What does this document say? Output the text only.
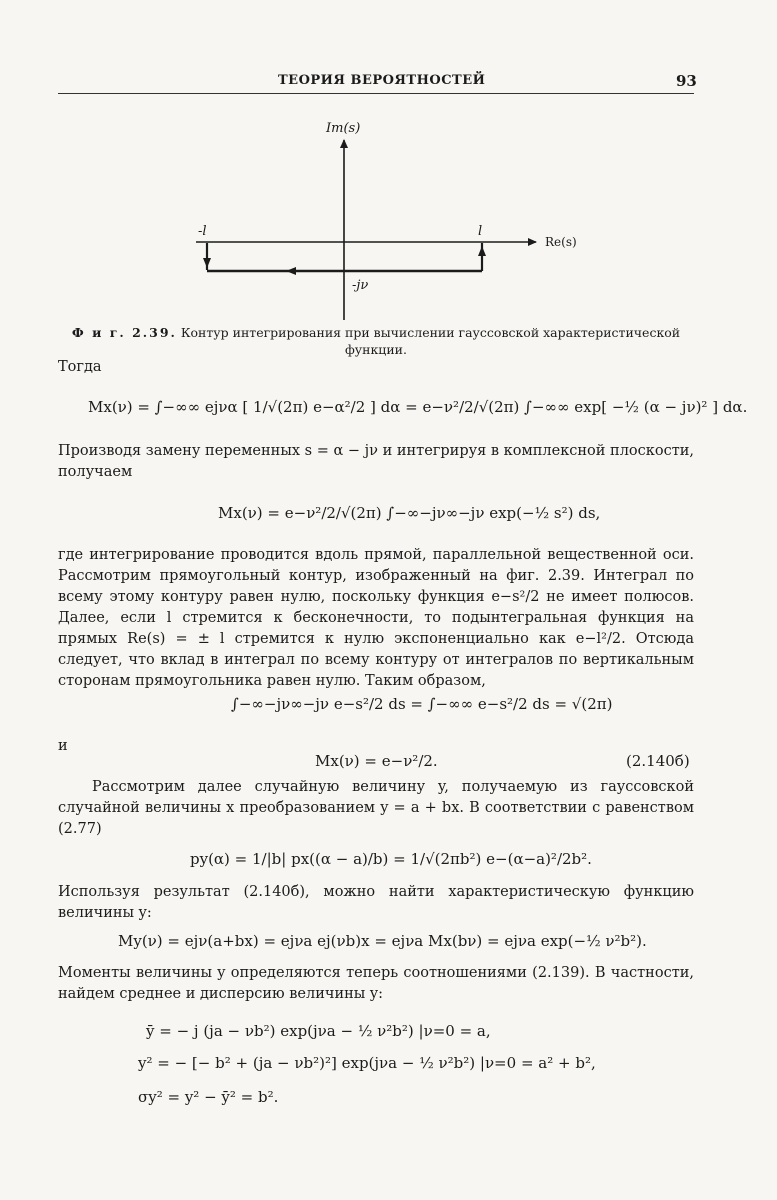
ТЕОРИЯ ВЕРОЯТНОСТЕЙ	93
Im(s)
Re(s)
-l	l
-jν
Ф и г. 2.39. Контур интегрирования при вычислении гауссовской характеристической функции.
Тогда
Mx(ν) = ∫−∞∞ ejνα [ 1/√(2π) e−α²/2 ] dα = e−ν²/2/√(2π) ∫−∞∞ exp[ −½ (α − jν)² ] dα.
Производя замену переменных s = α − jν и интегрируя в комплексной плоскости, получаем
Mx(ν) = e−ν²/2/√(2π) ∫−∞−jν∞−jν exp(−½ s²) ds,
где интегрирование проводится вдоль прямой, параллельной вещественной оси. Рассмотрим прямоугольный контур, изображенный на фиг. 2.39. Интеграл по всему этому контуру равен нулю, поскольку функция e−s²/2 не имеет полюсов. Далее, если l стремится к бесконечности, то подынтегральная функция на прямых Re(s) = ± l стремится к нулю экспоненциально как e−l²/2. Отсюда следует, что вклад в интеграл по всему контуру от интегралов по вертикальным сторонам прямоугольника равен нулю. Таким образом,
∫−∞−jν∞−jν e−s²/2 ds = ∫−∞∞ e−s²/2 ds = √(2π)
и
Mx(ν) = e−ν²/2.	(2.140б)
Рассмотрим далее случайную величину y, получаемую из гауссовской случайной величины x преобразованием y = a + bx. В соответствии с равенством (2.77)
py(α) = 1/|b| px((α − a)/b) = 1/√(2πb²) e−(α−a)²/2b².
Используя результат (2.140б), можно найти характеристическую функцию величины y:
My(ν) = ejν(a+bx) = ejνa ej(νb)x = ejνa Mx(bν) = ejνa exp(−½ ν²b²).
Моменты величины y определяются теперь соотношениями (2.139). В частности, найдем среднее и дисперсию величины y:
ȳ = − j (ja − νb²) exp(jνa − ½ ν²b²) |ν=0 = a,
y² = − [− b² + (ja − νb²)²] exp(jνa − ½ ν²b²) |ν=0 = a² + b²,
σy² = y² − ȳ² = b².
